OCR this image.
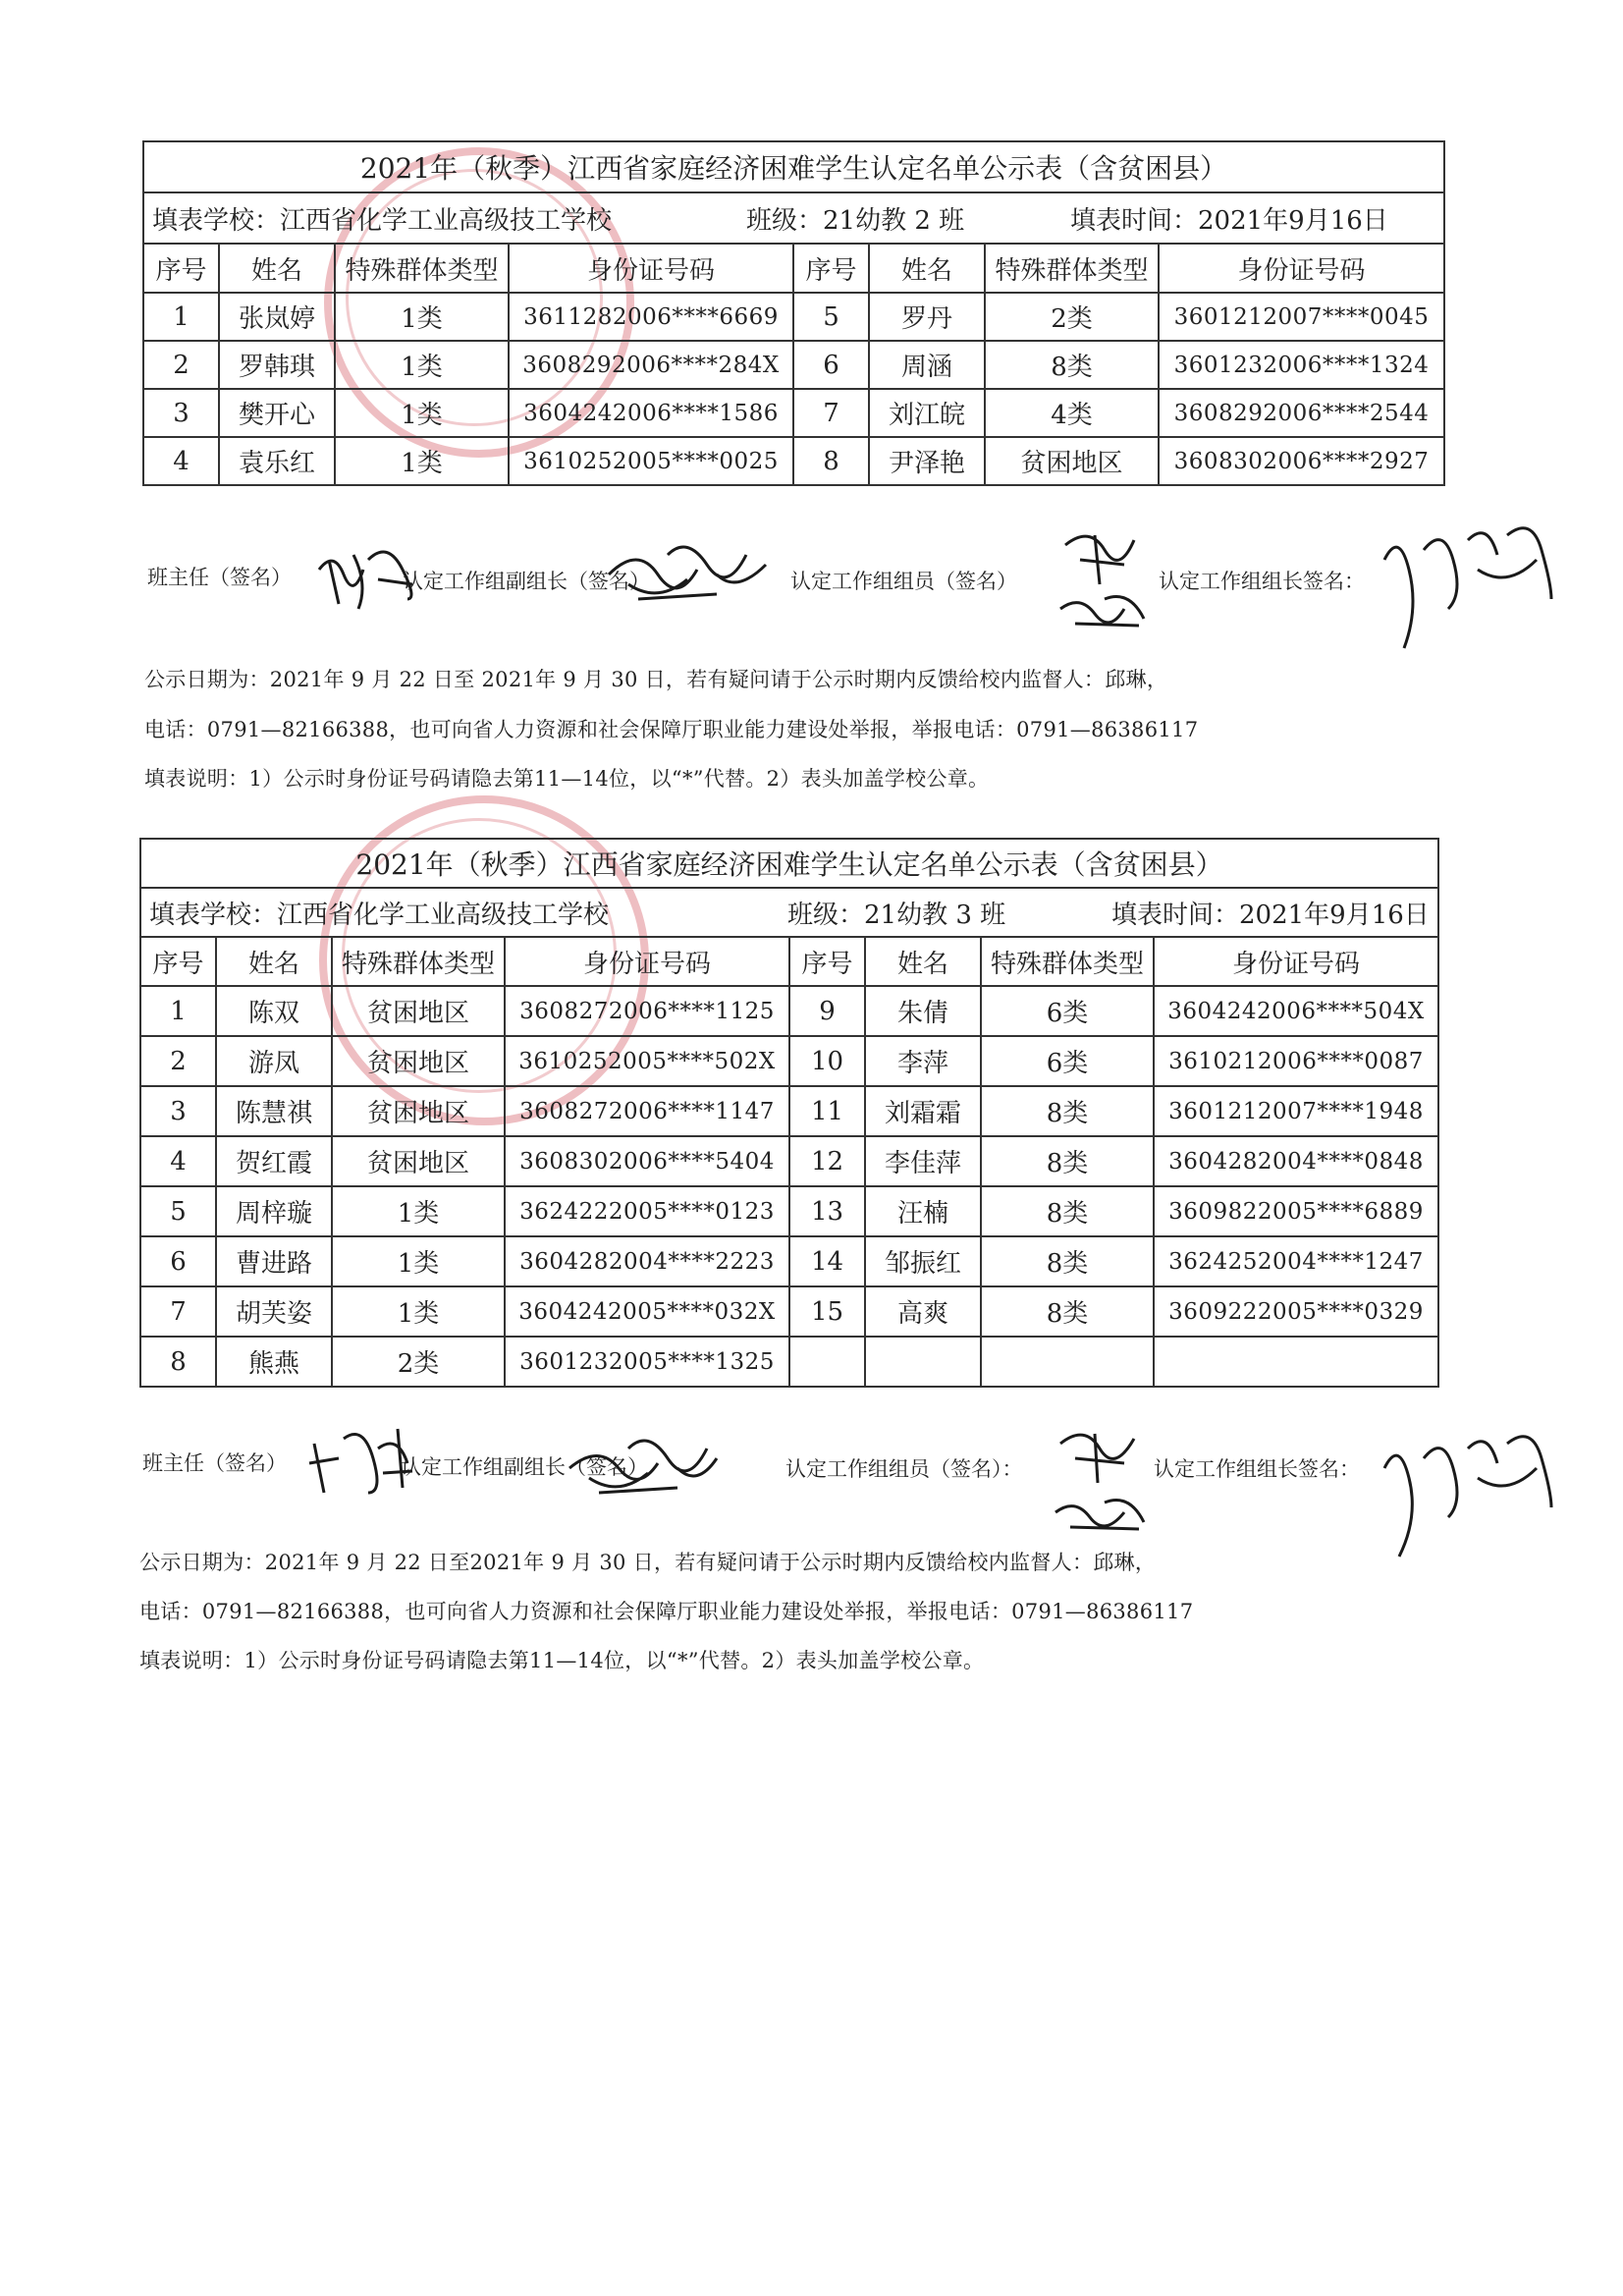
2021年（秋季）江西省家庭经济困难学生认定名单公示表（含贫困县）							
填表学校：江西省化学工业高级技工学校 班级：21幼教 2 班 填表时间：2021年9月16日							
序号	姓名	特殊群体类型	身份证号码	序号	姓名	特殊群体类型	身份证号码
1	张岚婷	1类	3611282006****6669	5	罗丹	2类	3601212007****0045
2	罗韩琪	1类	3608292006****284X	6	周涵	8类	3601232006****1324
3	樊开心	1类	3604242006****1586	7	刘江皖	4类	3608292006****2544
4	袁乐红	1类	3610252005****0025	8	尹泽艳	贫困地区	3608302006****2927
班主任（签名）	认定工作组副组长（签名）	认定工作组组员（签名）	认定工作组组长签名：
公示日期为：2021年 9 月 22 日至 2021年 9 月 30 日，若有疑问请于公示时期内反馈给校内监督人：邱琳，
电话：0791—82166388，也可向省人力资源和社会保障厅职业能力建设处举报，举报电话：0791—86386117
填表说明：1）公示时身份证号码请隐去第11—14位，以“*”代替。2）表头加盖学校公章。
2021年（秋季）江西省家庭经济困难学生认定名单公示表（含贫困县）							
填表学校：江西省化学工业高级技工学校 班级：21幼教 3 班 填表时间：2021年9月16日							
序号	姓名	特殊群体类型	身份证号码	序号	姓名	特殊群体类型	身份证号码
1	陈双	贫困地区	3608272006****1125	9	朱倩	6类	3604242006****504X
2	游凤	贫困地区	3610252005****502X	10	李萍	6类	3610212006****0087
3	陈慧祺	贫困地区	3608272006****1147	11	刘霜霜	8类	3601212007****1948
4	贺红霞	贫困地区	3608302006****5404	12	李佳萍	8类	3604282004****0848
5	周梓璇	1类	3624222005****0123	13	汪楠	8类	3609822005****6889
6	曹进路	1类	3604282004****2223	14	邹振红	8类	3624252004****1247
7	胡芙姿	1类	3604242005****032X	15	高爽	8类	3609222005****0329
8	熊燕	2类	3601232005****1325				
班主任（签名）	认定工作组副组长（签名）	认定工作组组员（签名）：	认定工作组组长签名：
公示日期为：2021年 9 月 22 日至2021年 9 月 30 日，若有疑问请于公示时期内反馈给校内监督人：邱琳，
电话：0791—82166388，也可向省人力资源和社会保障厅职业能力建设处举报，举报电话：0791—86386117
填表说明：1）公示时身份证号码请隐去第11—14位，以“*”代替。2）表头加盖学校公章。
